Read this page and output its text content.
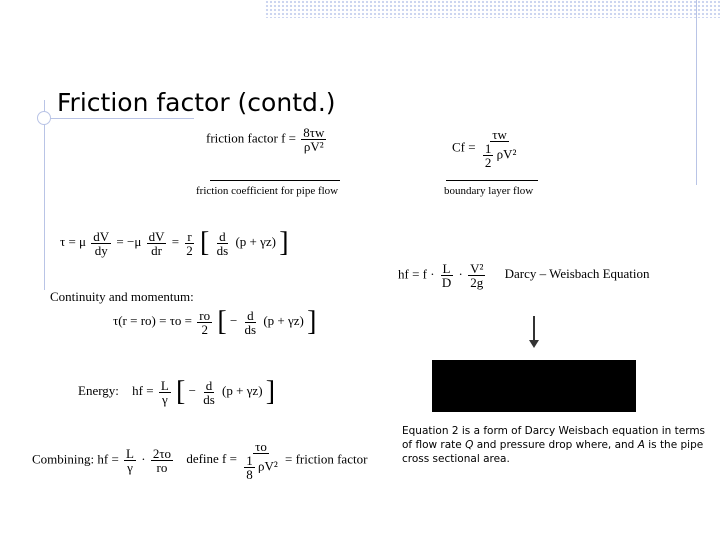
Friction factor (contd.)
friction factor $f = \frac{8\tau w}{\text{ρV²}}$
friction coefficient for pipe flow
$Cf = \frac{\tau w}{\frac{1}{2} \rho V^2}$
boundary layer flow
τ = μ $\frac{dV}{dy} = -\mu \frac{dV}{dr} = \frac{r}{2}$ [ $\frac{d}{ds} (p + \gamma z)$ ]
hf = $f \cdot \frac{L}{D} \cdot \frac{\text{V²}}{2g}$ Darcy – Weisbach Equation
Continuity and momentum:
$\tau(r = ro) = \tau o = \frac{ro}{2}$ [ − $\frac{d}{ds} (p + \gamma z)$ ]
Energy: hf = $\frac{L}{\gamma}$ [ − $\frac{d}{ds} (p + \gamma z)$ ]
Combining: hf = $\frac{L}{\gamma} \cdot \frac{2\tau o}{ro}$ define $f = \frac{\tau o}{\frac{1}{8} \rho V^2}$ = friction factor
Equation 2 is a form of Darcy Weisbach equation in terms of flow rate Q and pressure drop where, and A is the pipe cross sectional area.
